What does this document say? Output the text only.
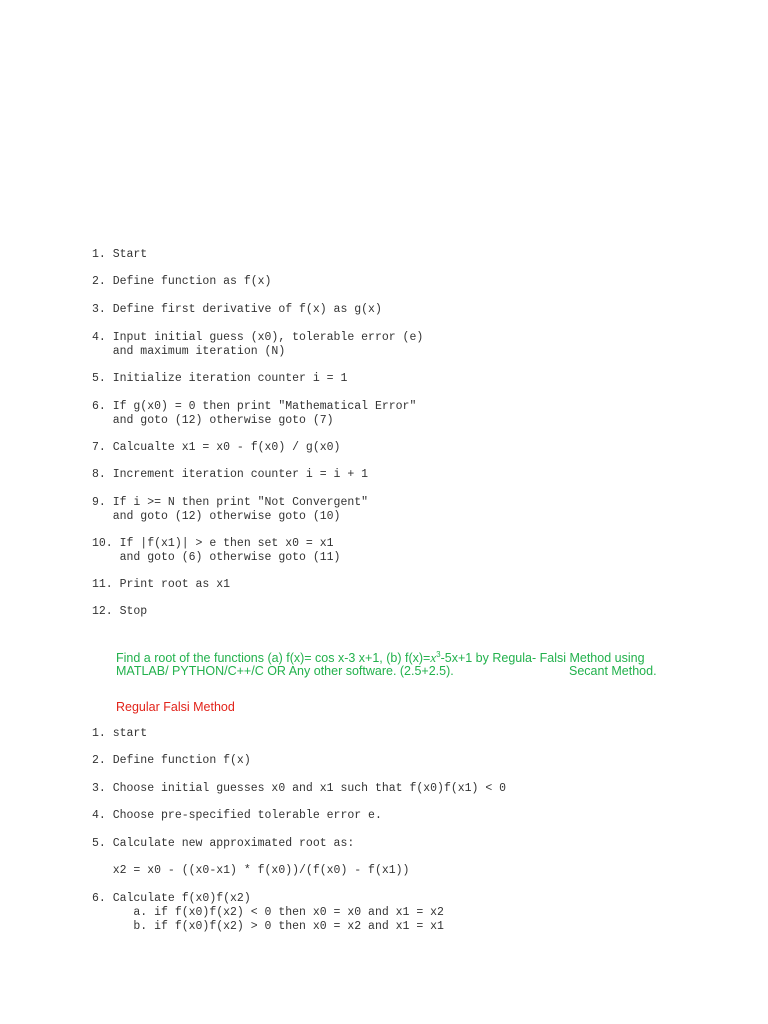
1. Start

2. Define function as f(x)

3. Define first derivative of f(x) as g(x)

4. Input initial guess (x0), tolerable error (e)
and maximum iteration (N)

5. Initialize iteration counter i = 1

6. If g(x0) = 0 then print "Mathematical Error"
and goto (12) otherwise goto (7)

7. Calcualte x1 = x0 - f(x0) / g(x0)

8. Increment iteration counter i = i + 1

9. If i >= N then print "Not Convergent"
and goto (12) otherwise goto (10)

10. If |f(x1)| > e then set x0 = x1
and goto (6) otherwise goto (11)

11. Print root as x1

12. Stop

Find a root of the functions (a) f(x)= cos x-3 x+1, (b) $f(x)=x^3-5x+1$ by Regula- Falsi Method using
MATLAB/ PYTHON/C++/C OR Any other software. (2.5+2.5).	Secant Method.
Regular Falsi Method

1. start

2. Define function f(x)

3. Choose initial guesses x0 and x1 such that f(x0)f(x1) < 0

4. Choose pre-specified tolerable error e.

5. Calculate new approximated root as:

x2 = x0 - ((x0-x1) * f(x0))/(f(x0) - f(x1))

6. Calculate f(x0)f(x2)
a. if f(x0)f(x2) < 0 then x0 = x0 and x1 = x2
b. if f(x0)f(x2) > 0 then x0 = x2 and x1 = x1
